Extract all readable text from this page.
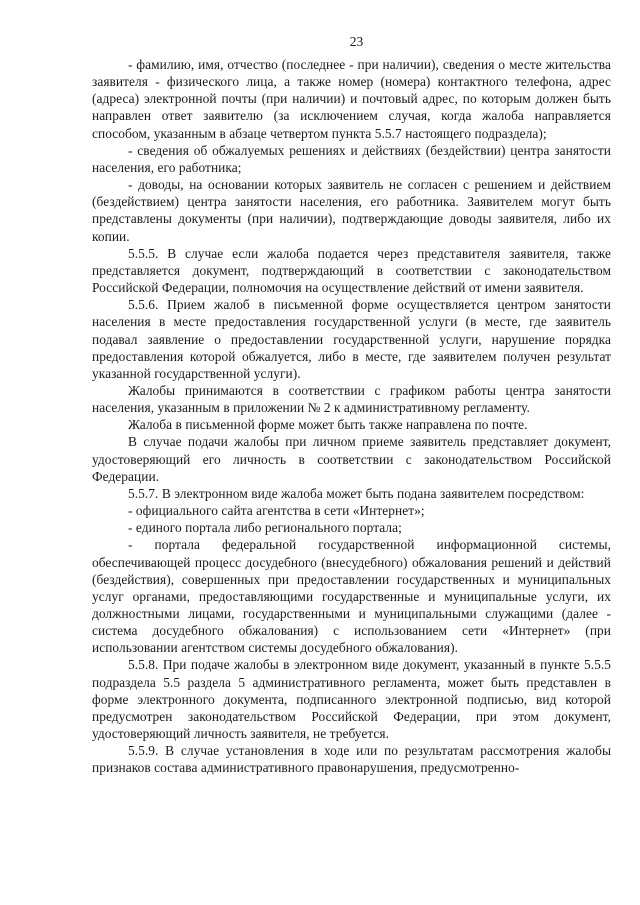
23

- фамилию, имя, отчество (последнее - при наличии), сведения о месте жительства заявителя - физического лица, а также номер (номера) контактного телефона, адрес (адреса) электронной почты (при наличии) и почтовый адрес, по которым должен быть направлен ответ заявителю (за исключением случая, когда жалоба направляется способом, указанным в абзаце четвертом пункта 5.5.7 настоящего подраздела);

- сведения об обжалуемых решениях и действиях (бездействии) центра занятости населения, его работника;

- доводы, на основании которых заявитель не согласен с решением и действием (бездействием) центра занятости населения, его работника. Заявителем могут быть представлены документы (при наличии), подтверждающие доводы заявителя, либо их копии.

5.5.5. В случае если жалоба подается через представителя заявителя, также представляется документ, подтверждающий в соответствии с законодательством Российской Федерации, полномочия на осуществление действий от имени заявителя.

5.5.6. Прием жалоб в письменной форме осуществляется центром занятости населения в месте предоставления государственной услуги (в месте, где заявитель подавал заявление о предоставлении государственной услуги, нарушение порядка предоставления которой обжалуется, либо в месте, где заявителем получен результат указанной государственной услуги).

Жалобы принимаются в соответствии с графиком работы центра занятости населения, указанным в приложении № 2 к административному регламенту.

Жалоба в письменной форме может быть также направлена по почте.

В случае подачи жалобы при личном приеме заявитель представляет документ, удостоверяющий его личность в соответствии с законодательством Российской Федерации.

5.5.7. В электронном виде жалоба может быть подана заявителем посредством:

- официального сайта агентства в сети «Интернет»;

- единого портала либо регионального портала;

- портала федеральной государственной информационной системы, обеспечивающей процесс досудебного (внесудебного) обжалования решений и действий (бездействия), совершенных при предоставлении государственных и муниципальных услуг органами, предоставляющими государственные и муниципальные услуги, их должностными лицами, государственными и муниципальными служащими (далее - система досудебного обжалования) с использованием сети «Интернет» (при использовании агентством системы досудебного обжалования).

5.5.8. При подаче жалобы в электронном виде документ, указанный в пункте 5.5.5 подраздела 5.5 раздела 5 административного регламента, может быть представлен в форме электронного документа, подписанного электронной подписью, вид которой предусмотрен законодательством Российской Федерации, при этом документ, удостоверяющий личность заявителя, не требуется.

5.5.9. В случае установления в ходе или по результатам рассмотрения жалобы признаков состава административного правонарушения, предусмотренно-
